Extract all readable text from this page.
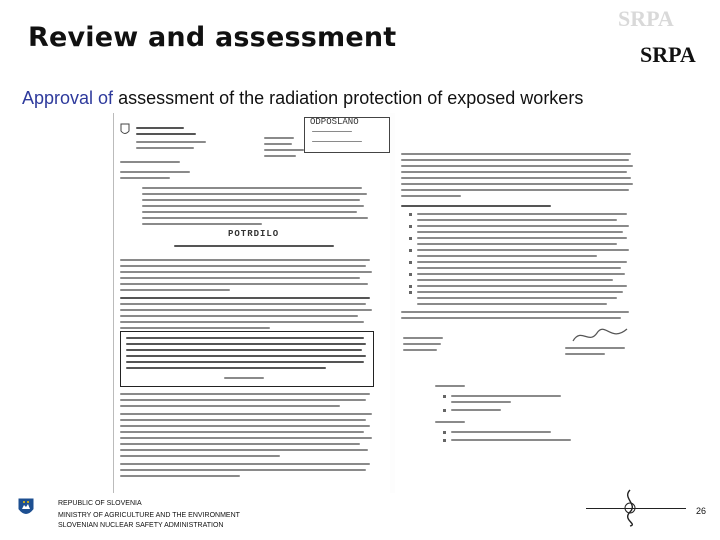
Review and assessment
SRPA
SRPA
Approval of assessment of the radiation protection of exposed workers
ODPOSLANO
POTRDILO
REPUBLIC OF SLOVENIA
MINISTRY OF AGRICULTURE AND THE ENVIRONMENT
SLOVENIAN NUCLEAR SAFETY ADMINISTRATION
26
